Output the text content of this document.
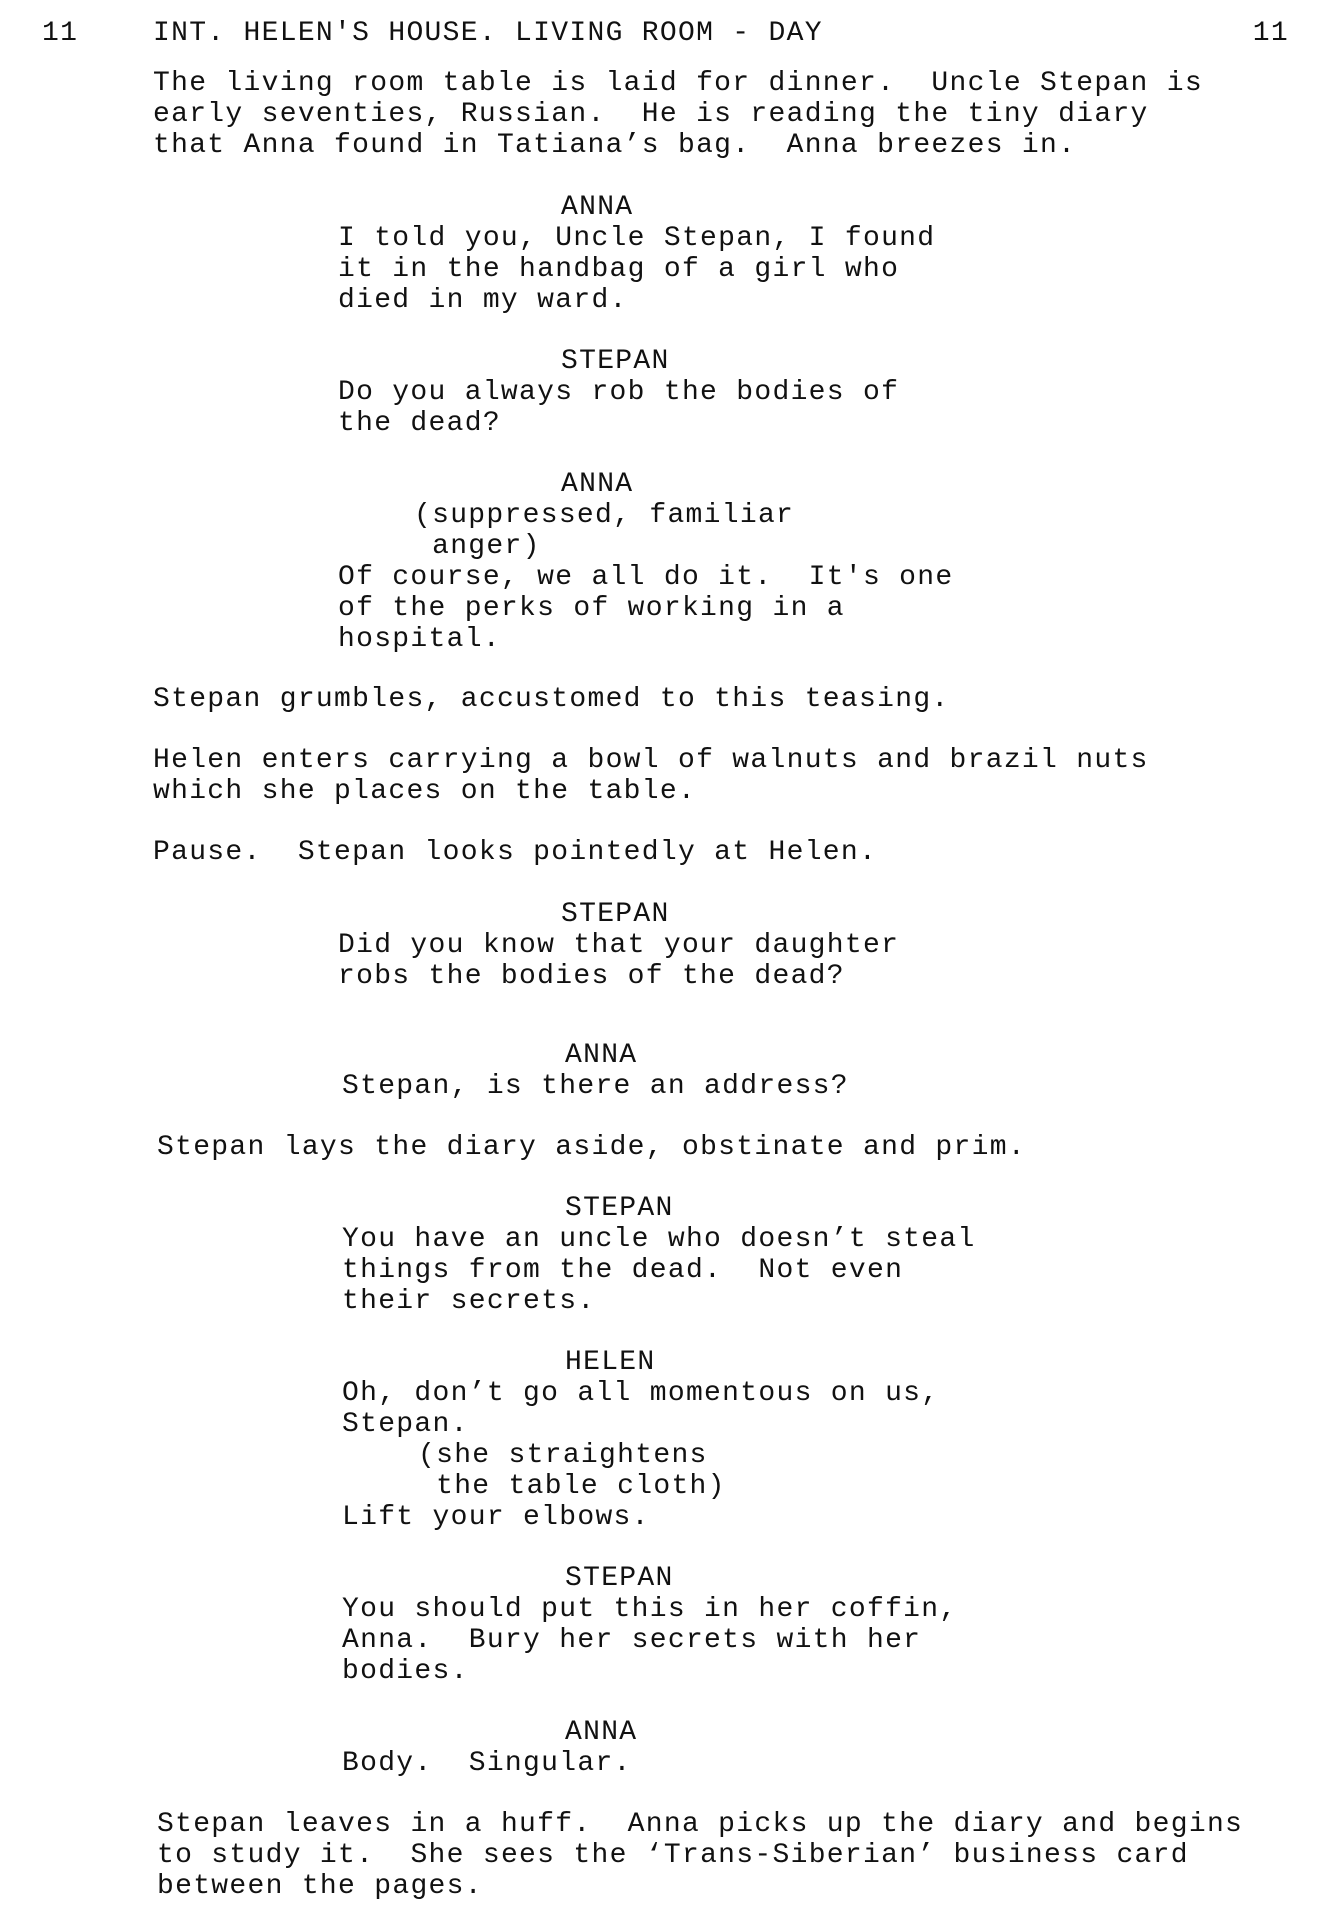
11	INT. HELEN'S HOUSE. LIVING ROOM - DAY	11
The living room table is laid for dinner.  Uncle Stepan is
early seventies, Russian.  He is reading the tiny diary
that Anna found in Tatiana’s bag.  Anna breezes in.
ANNA
I told you, Uncle Stepan, I found
it in the handbag of a girl who
died in my ward.
STEPAN
Do you always rob the bodies of
the dead?
ANNA
(suppressed, familiar
anger)
Of course, we all do it.  It's one
of the perks of working in a
hospital.
Stepan grumbles, accustomed to this teasing.
Helen enters carrying a bowl of walnuts and brazil nuts
which she places on the table.
Pause.  Stepan looks pointedly at Helen.
STEPAN
Did you know that your daughter
robs the bodies of the dead?
ANNA
Stepan, is there an address?
Stepan lays the diary aside, obstinate and prim.
STEPAN
You have an uncle who doesn’t steal
things from the dead.  Not even
their secrets.
HELEN
Oh, don’t go all momentous on us,
Stepan.
(she straightens
the table cloth)
Lift your elbows.
STEPAN
You should put this in her coffin,
Anna.  Bury her secrets with her
bodies.
ANNA
Body.  Singular.
Stepan leaves in a huff.  Anna picks up the diary and begins
to study it.  She sees the ‘Trans-Siberian’ business card
between the pages.
